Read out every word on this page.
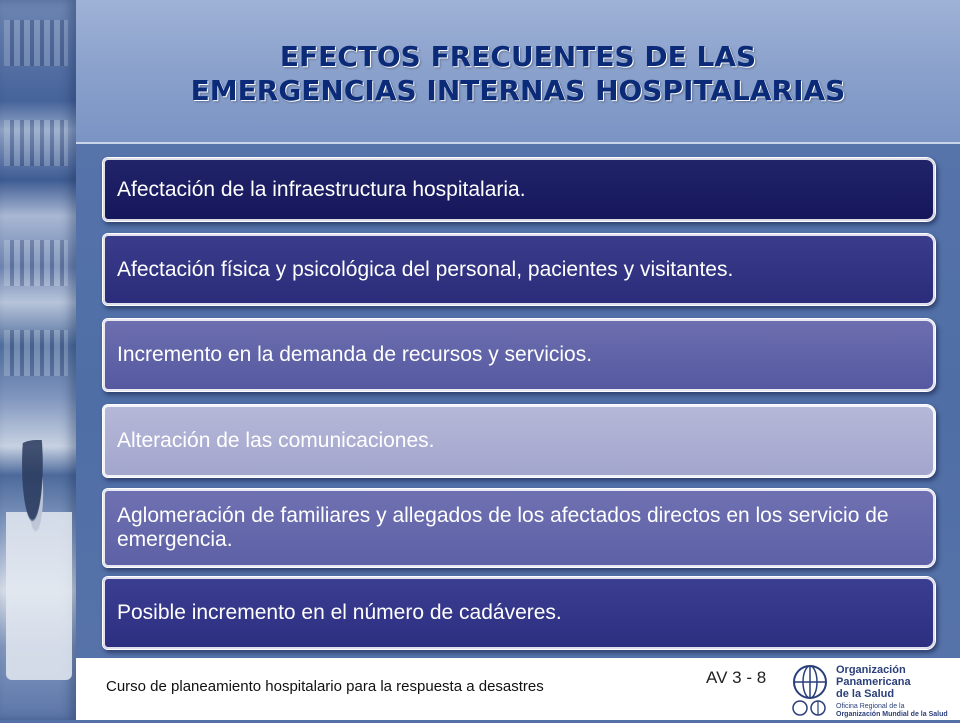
EFECTOS FRECUENTES DE LAS
EMERGENCIAS INTERNAS HOSPITALARIAS
Afectación de la infraestructura hospitalaria.
Afectación física y psicológica del personal, pacientes y visitantes.
Incremento en la demanda de recursos y servicios.
Alteración de las comunicaciones.
Aglomeración de familiares y allegados de los afectados directos en los servicio de emergencia.
Posible incremento en el número de cadáveres.
Curso de planeamiento hospitalario para la respuesta a desastres	AV 3 - 8	Organización
Panamericana
de la Salud
Oficina Regional de la
Organización Mundial de la Salud
